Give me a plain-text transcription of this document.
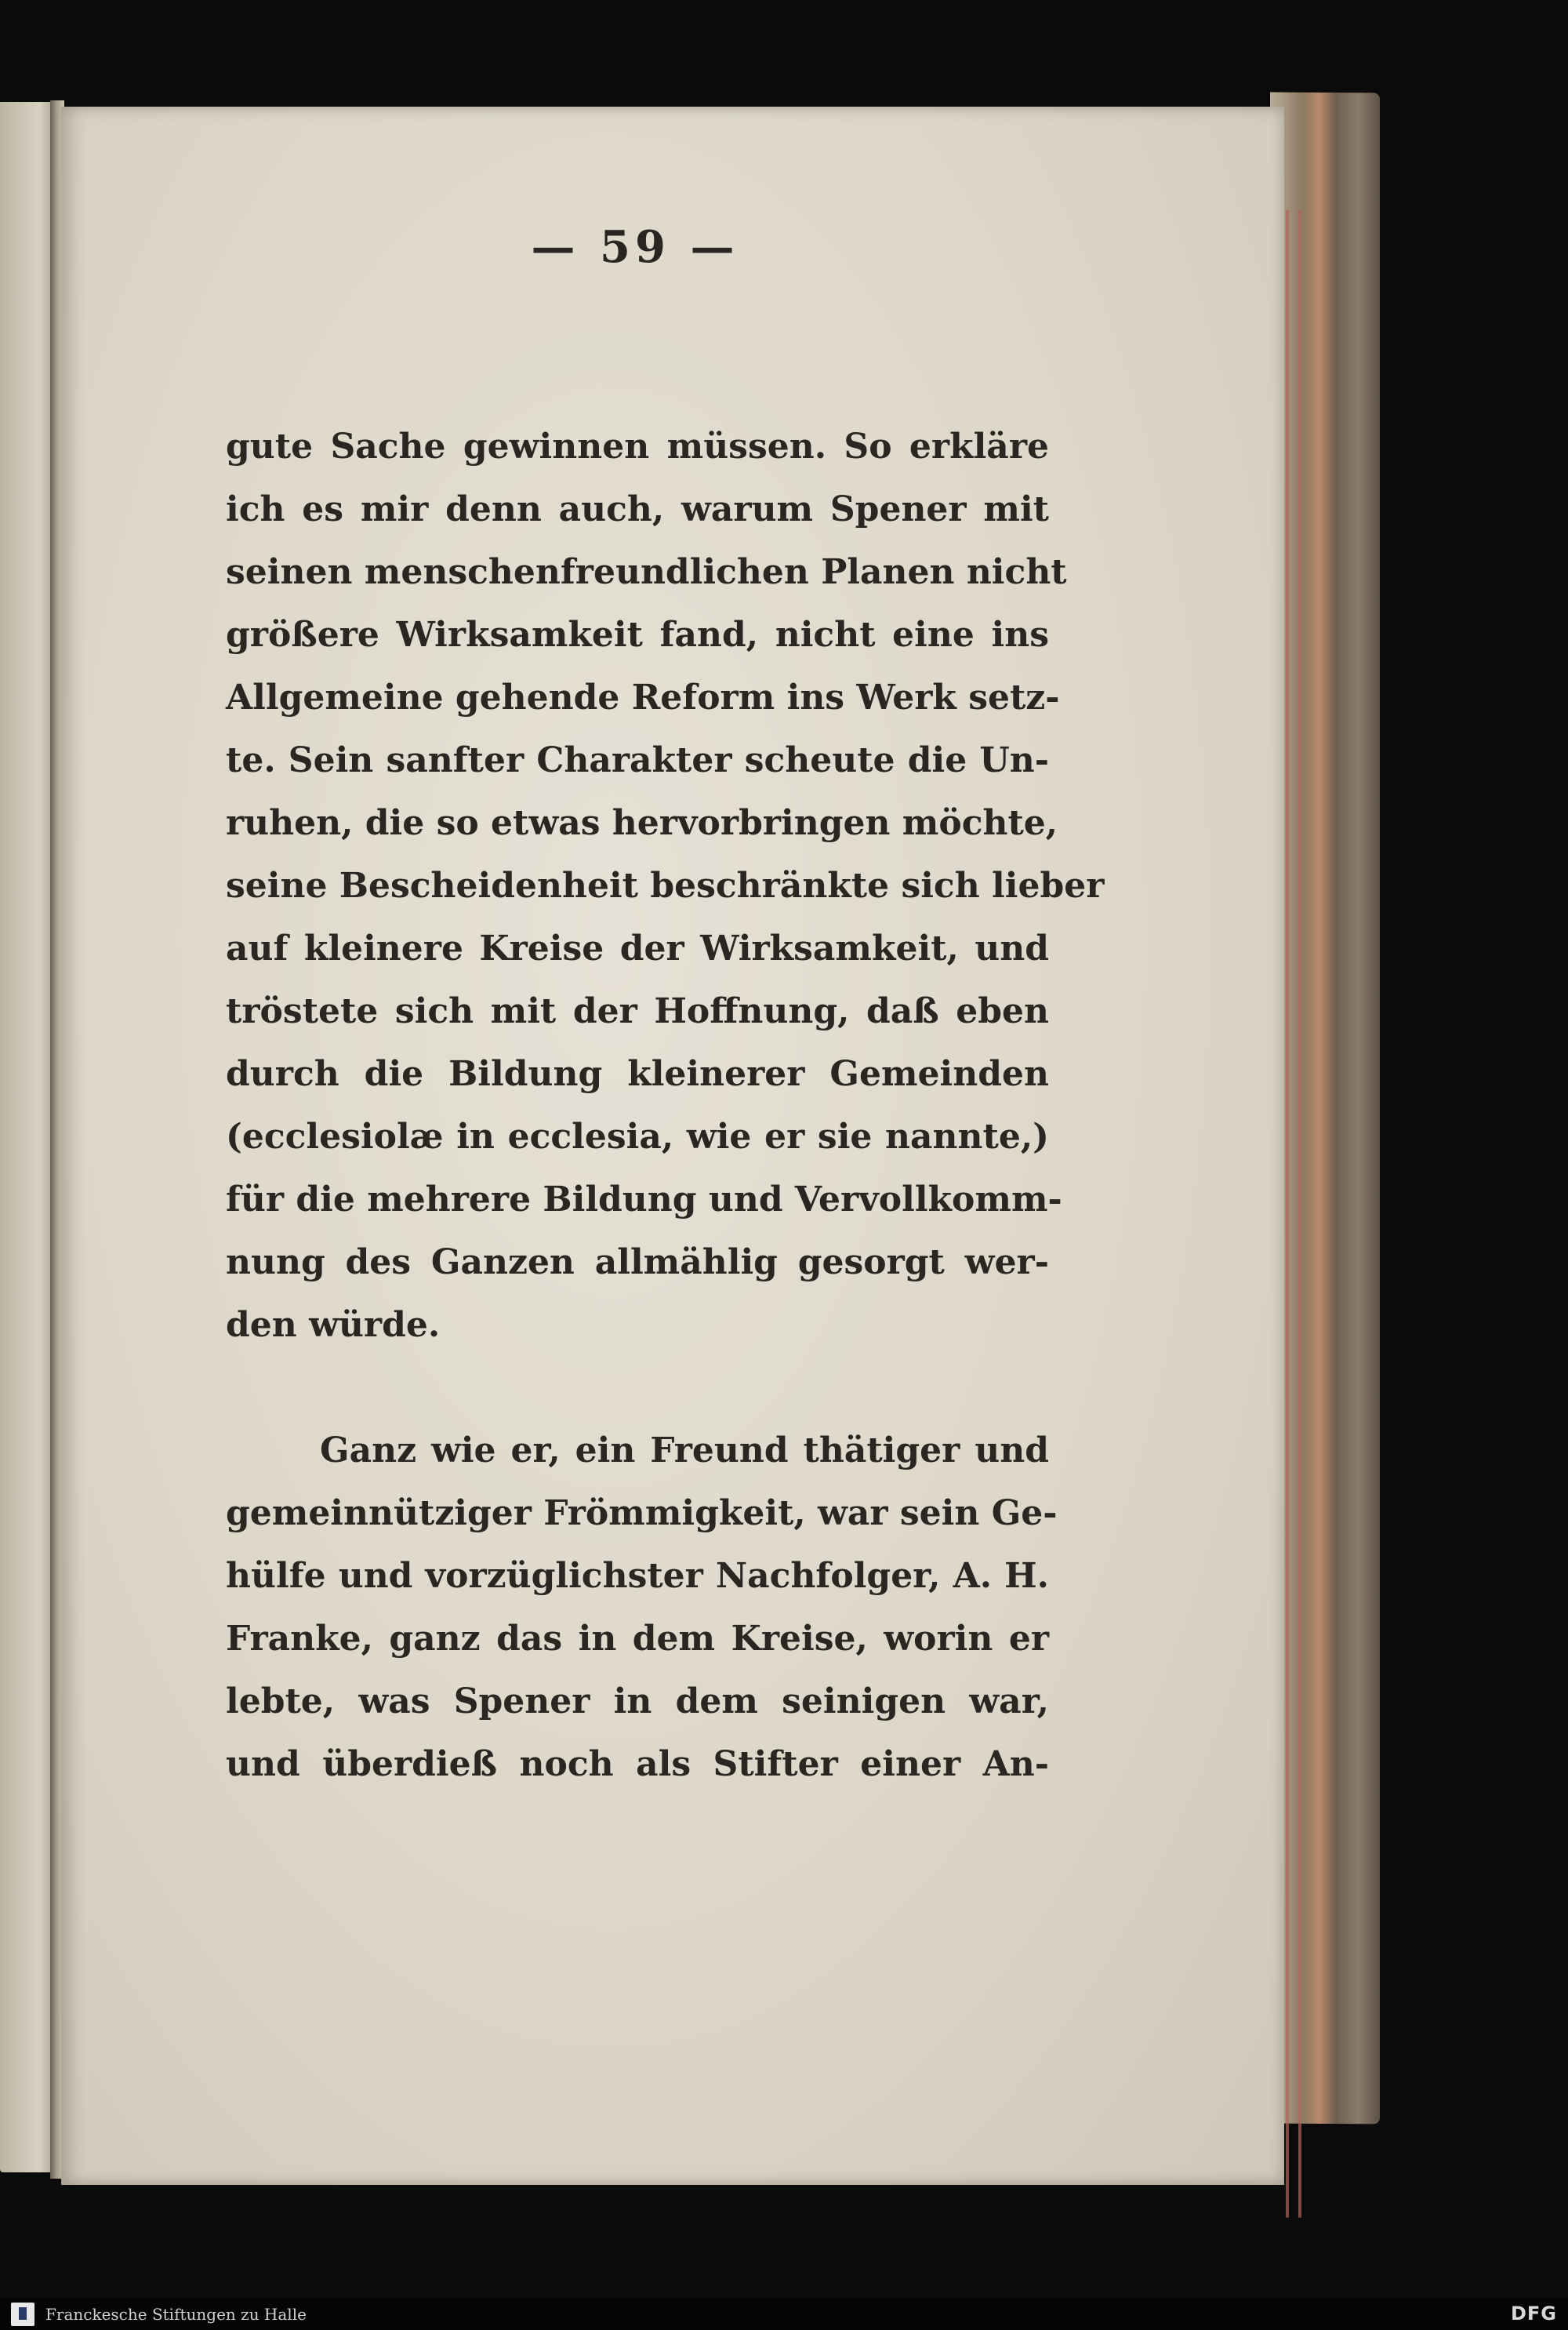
— 59 —
gute Sache gewinnen müssen. So erkläre
ich es mir denn auch, warum Spener mit
seinen menschenfreundlichen Planen nicht
größere Wirksamkeit fand, nicht eine ins
Allgemeine gehende Reform ins Werk setz-
te. Sein sanfter Charakter scheute die Un-
ruhen, die so etwas hervorbringen möchte,
seine Bescheidenheit beschränkte sich lieber
auf kleinere Kreise der Wirksamkeit, und
tröstete sich mit der Hoffnung, daß eben
durch die Bildung kleinerer Gemeinden
(ecclesiolæ in ecclesia, wie er sie nannte,)
für die mehrere Bildung und Vervollkomm-
nung des Ganzen allmählig gesorgt wer-
den würde.
Ganz wie er, ein Freund thätiger und
gemeinnütziger Frömmigkeit, war sein Ge-
hülfe und vorzüglichster Nachfolger, A. H.
Franke, ganz das in dem Kreise, worin er
lebte, was Spener in dem seinigen war,
und überdieß noch als Stifter einer An-
Franckesche Stiftungen zu Halle	DFG
